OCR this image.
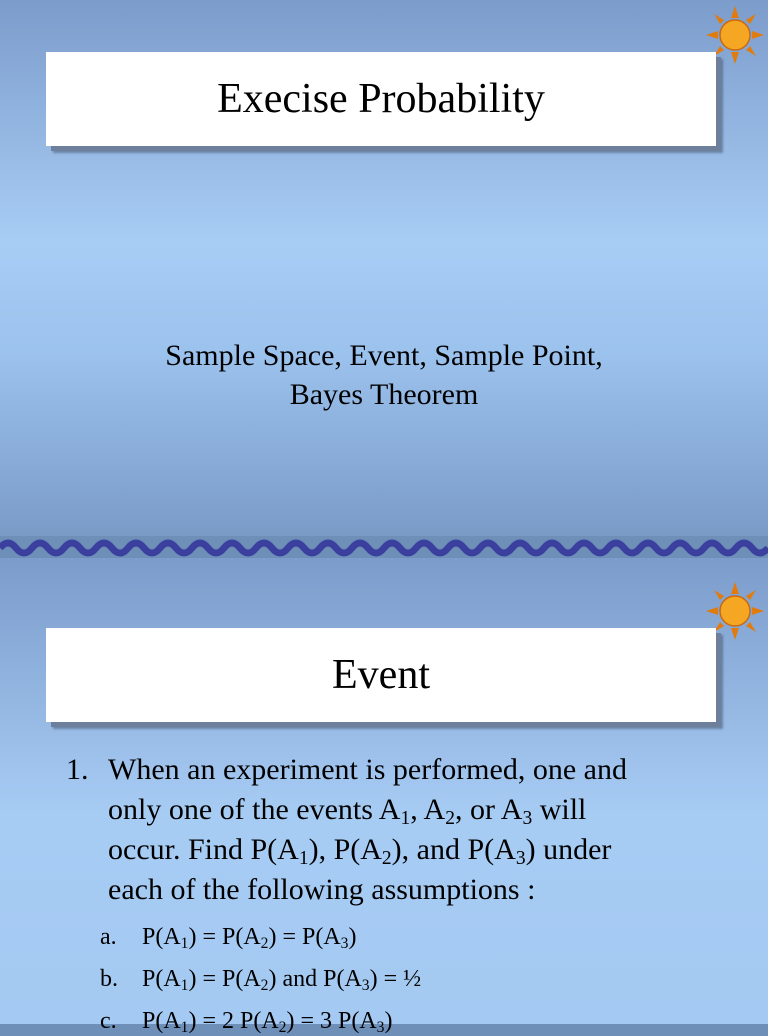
Execise Probability
Sample Space, Event, Sample Point,
Bayes Theorem
Event
1. When an experiment is performed, one and
only one of the events $A_1$, $A_2$, or $A_3$ will
occur. Find $P(A_1)$, $P(A_2)$, and $P(A_3)$ under
each of the following assumptions :
a. $P(A_1) = P(A_2) = P(A_3)$
b. $P(A_1) = P(A_2)$ and $P(A_3)$ = ½
c. $P(A_1) = 2$ $P(A_2) = 3$ $P(A_3)$
